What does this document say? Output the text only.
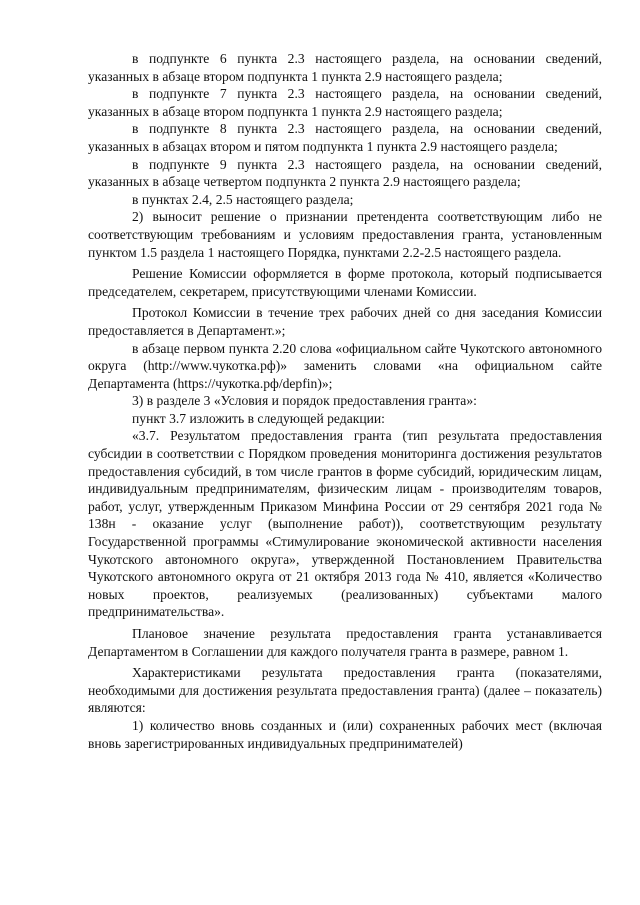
в подпункте 6 пункта 2.3 настоящего раздела, на основании сведений, указанных в абзаце втором подпункта 1 пункта 2.9 настоящего раздела;

в подпункте 7 пункта 2.3 настоящего раздела, на основании сведений, указанных в абзаце втором подпункта 1 пункта 2.9 настоящего раздела;

в подпункте 8 пункта 2.3 настоящего раздела, на основании сведений, указанных в абзацах втором и пятом подпункта 1 пункта 2.9 настоящего раздела;

в подпункте 9 пункта 2.3 настоящего раздела, на основании сведений, указанных в абзаце четвертом подпункта 2 пункта 2.9 настоящего раздела;

в пунктах 2.4, 2.5 настоящего раздела;

2) выносит решение о признании претендента соответствующим либо не соответствующим требованиям и условиям предоставления гранта, установленным пунктом 1.5 раздела 1 настоящего Порядка, пунктами 2.2-2.5 настоящего раздела.

Решение Комиссии оформляется в форме протокола, который подписывается председателем, секретарем, присутствующими членами Комиссии.

Протокол Комиссии в течение трех рабочих дней со дня заседания Комиссии предоставляется в Департамент.»;

в абзаце первом пункта 2.20 слова «официальном сайте Чукотского автономного округа (http://www.чукотка.рф)» заменить словами «на официальном сайте Департамента (https://чукотка.рф/depfin)»;

3) в разделе 3 «Условия и порядок предоставления гранта»:

пункт 3.7 изложить в следующей редакции:

«3.7. Результатом предоставления гранта (тип результата предоставления субсидии в соответствии с Порядком проведения мониторинга достижения результатов предоставления субсидий, в том числе грантов в форме субсидий, юридическим лицам, индивидуальным предпринимателям, физическим лицам - производителям товаров, работ, услуг, утвержденным Приказом Минфина России от 29 сентября 2021 года № 138н - оказание услуг (выполнение работ)), соответствующим результату Государственной программы «Стимулирование экономической активности населения Чукотского автономного округа», утвержденной Постановлением Правительства Чукотского автономного округа от 21 октября 2013 года № 410, является «Количество новых проектов, реализуемых (реализованных) субъектами малого предпринимательства».

Плановое значение результата предоставления гранта устанавливается Департаментом в Соглашении для каждого получателя гранта в размере, равном 1.

Характеристиками результата предоставления гранта (показателями, необходимыми для достижения результата предоставления гранта) (далее – показатель) являются:

1) количество вновь созданных и (или) сохраненных рабочих мест (включая вновь зарегистрированных индивидуальных предпринимателей)
